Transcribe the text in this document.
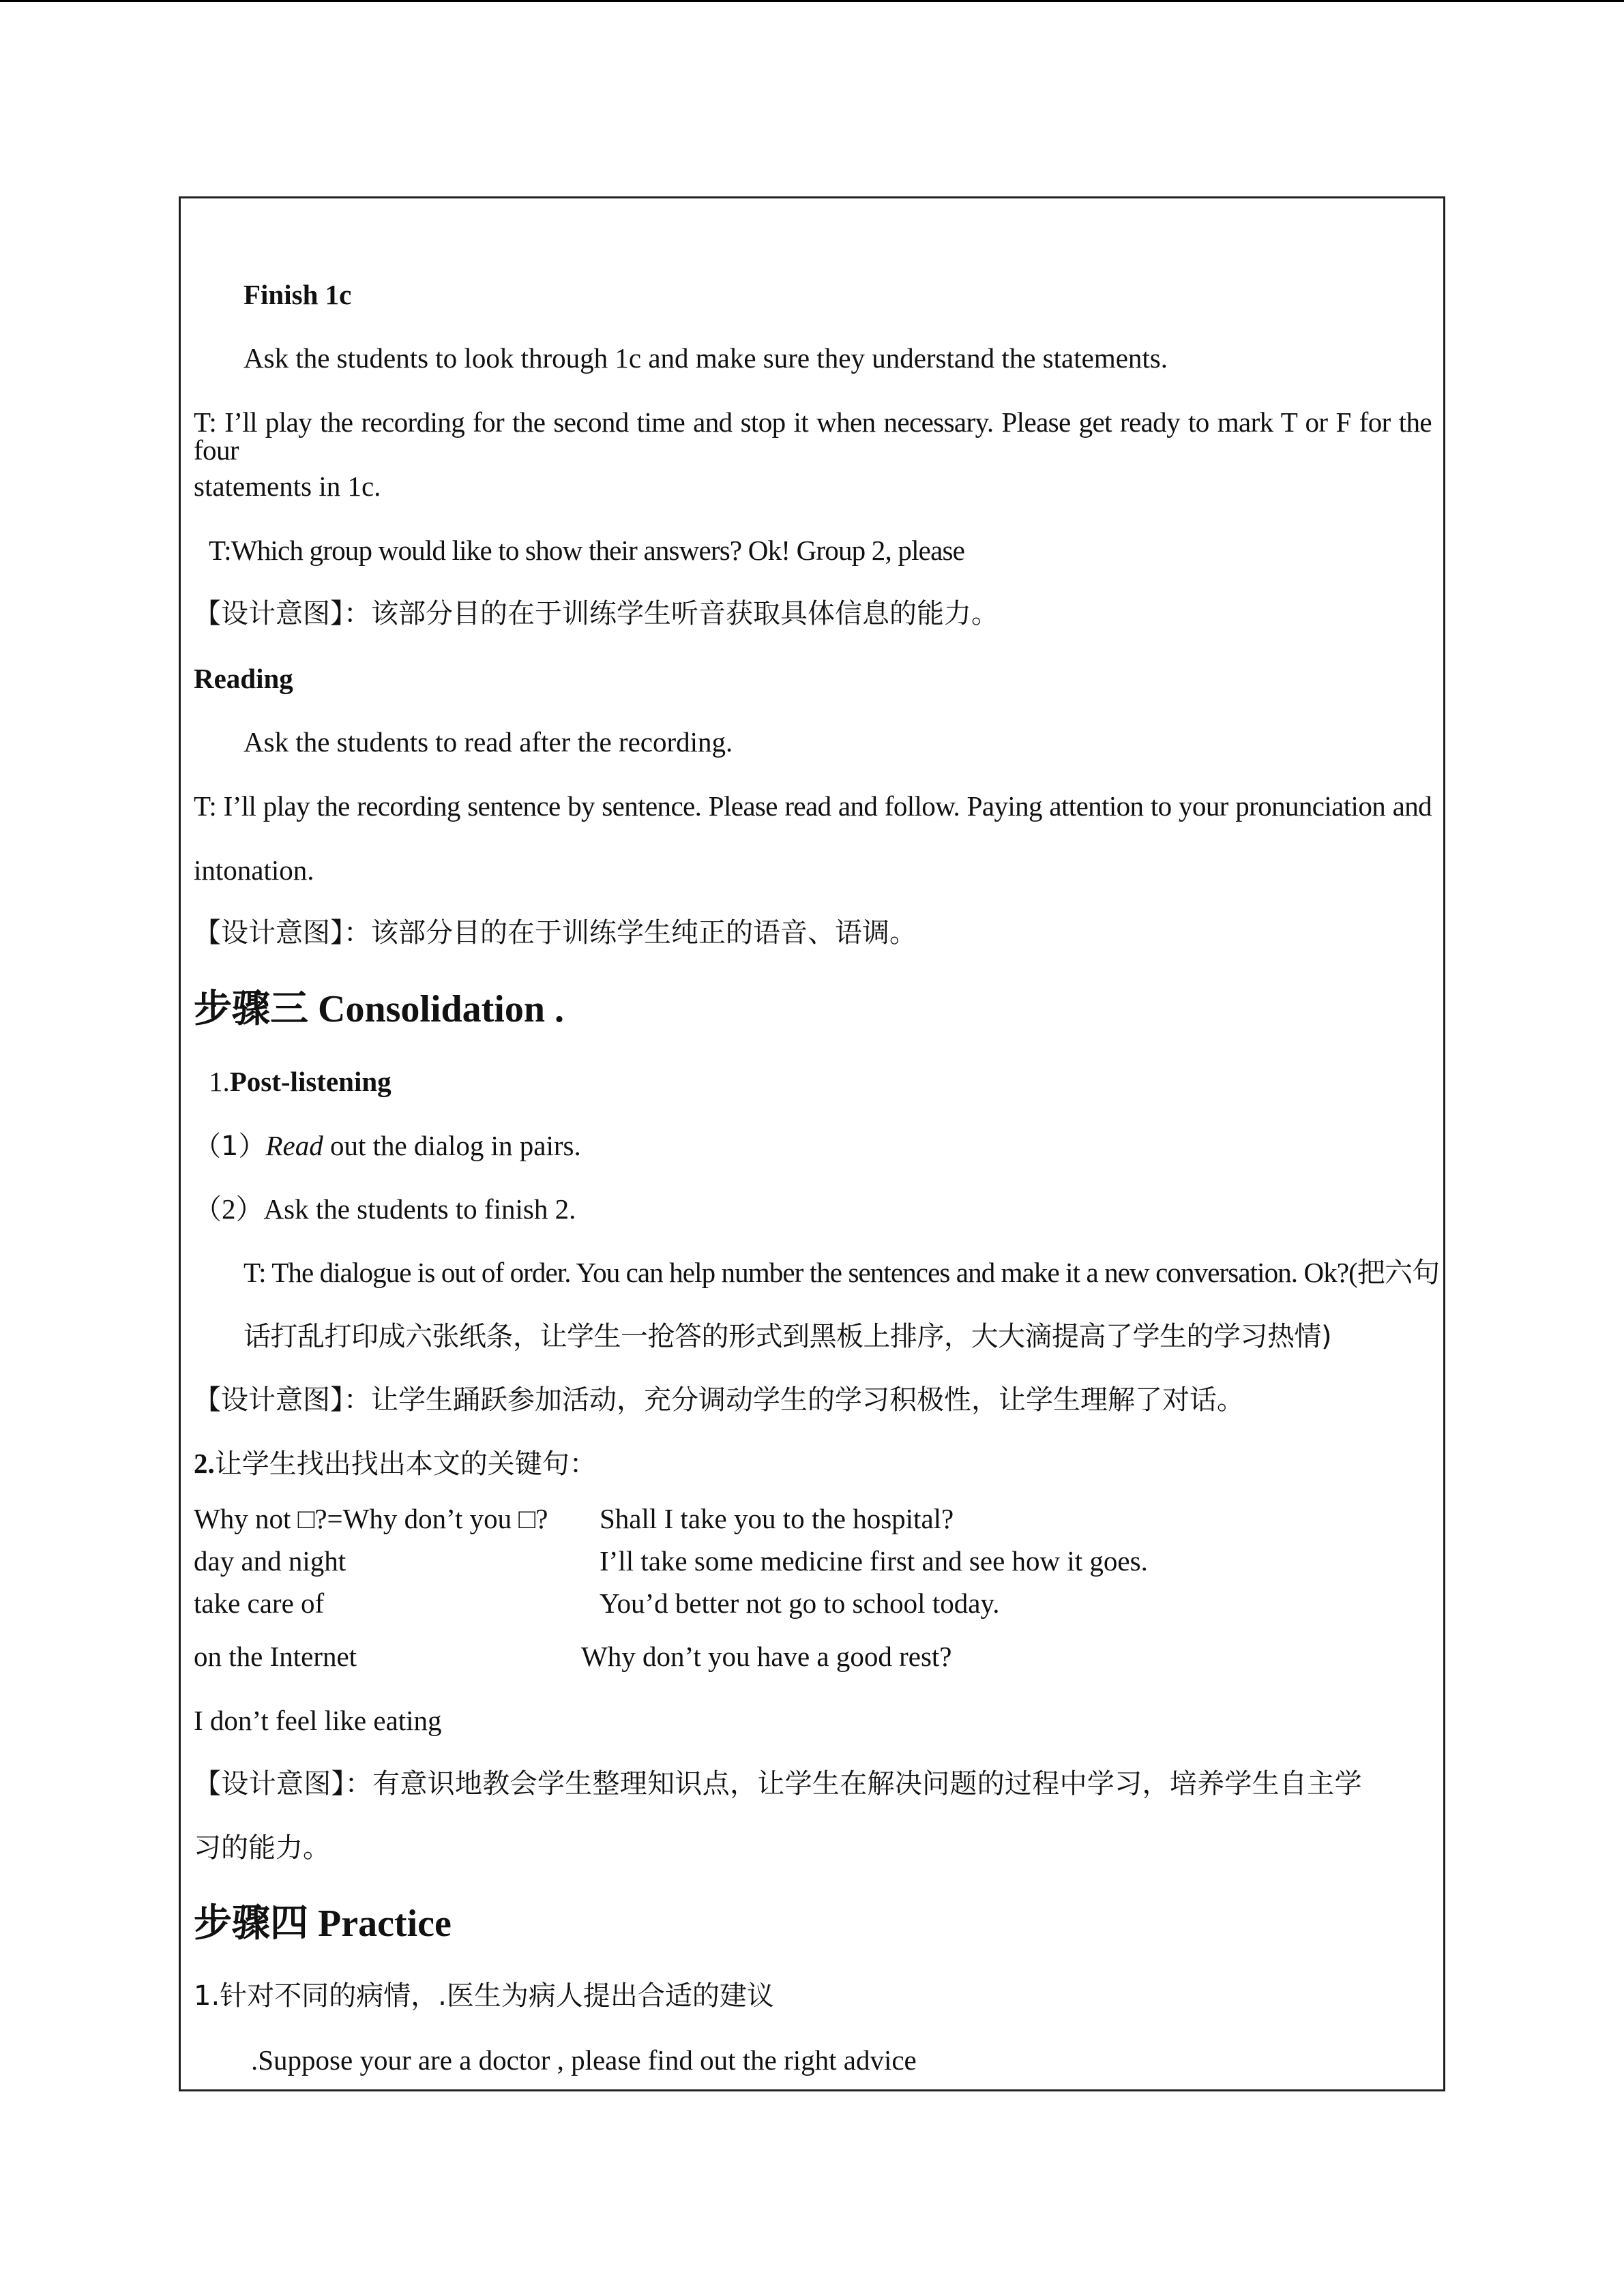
Finish 1c
Ask the students to look through 1c and make sure they understand the statements.
T: I’ll play the recording for the second time and stop it when necessary. Please get ready to mark T or F for the four
statements in 1c.
T:Which group would like to show their answers? Ok! Group 2, please
【设计意图】：该部分目的在于训练学生听音获取具体信息的能力。
Reading
Ask the students to read after the recording.
T: I’ll play the recording sentence by sentence. Please read and follow. Paying attention to your pronunciation and
intonation.
【设计意图】：该部分目的在于训练学生纯正的语音、语调。
步骤三 Consolidation .
1.Post-listening
（1）Read out the dialog in pairs.
（2）Ask the students to finish 2.
T: The dialogue is out of order. You can help number the sentences and make it a new conversation. Ok?(把六句
话打乱打印成六张纸条，让学生一抢答的形式到黑板上排序，大大滴提高了学生的学习热情)
【设计意图】：让学生踊跃参加活动，充分调动学生的学习积极性，让学生理解了对话。
2.让学生找出找出本文的关键句：
Why not □?=Why don’t you □?
day and night
take care of
on the Internet
I don’t feel like eating
Shall I take you to the hospital?
I’ll take some medicine first and see how it goes.
You’d better not go to school today.
Why don’t you have a good rest?
【设计意图】：有意识地教会学生整理知识点，让学生在解决问题的过程中学习，培养学生自主学
习的能力。
步骤四 Practice
1.针对不同的病情，.医生为病人提出合适的建议
.Suppose your are a doctor , please find out the right advice
